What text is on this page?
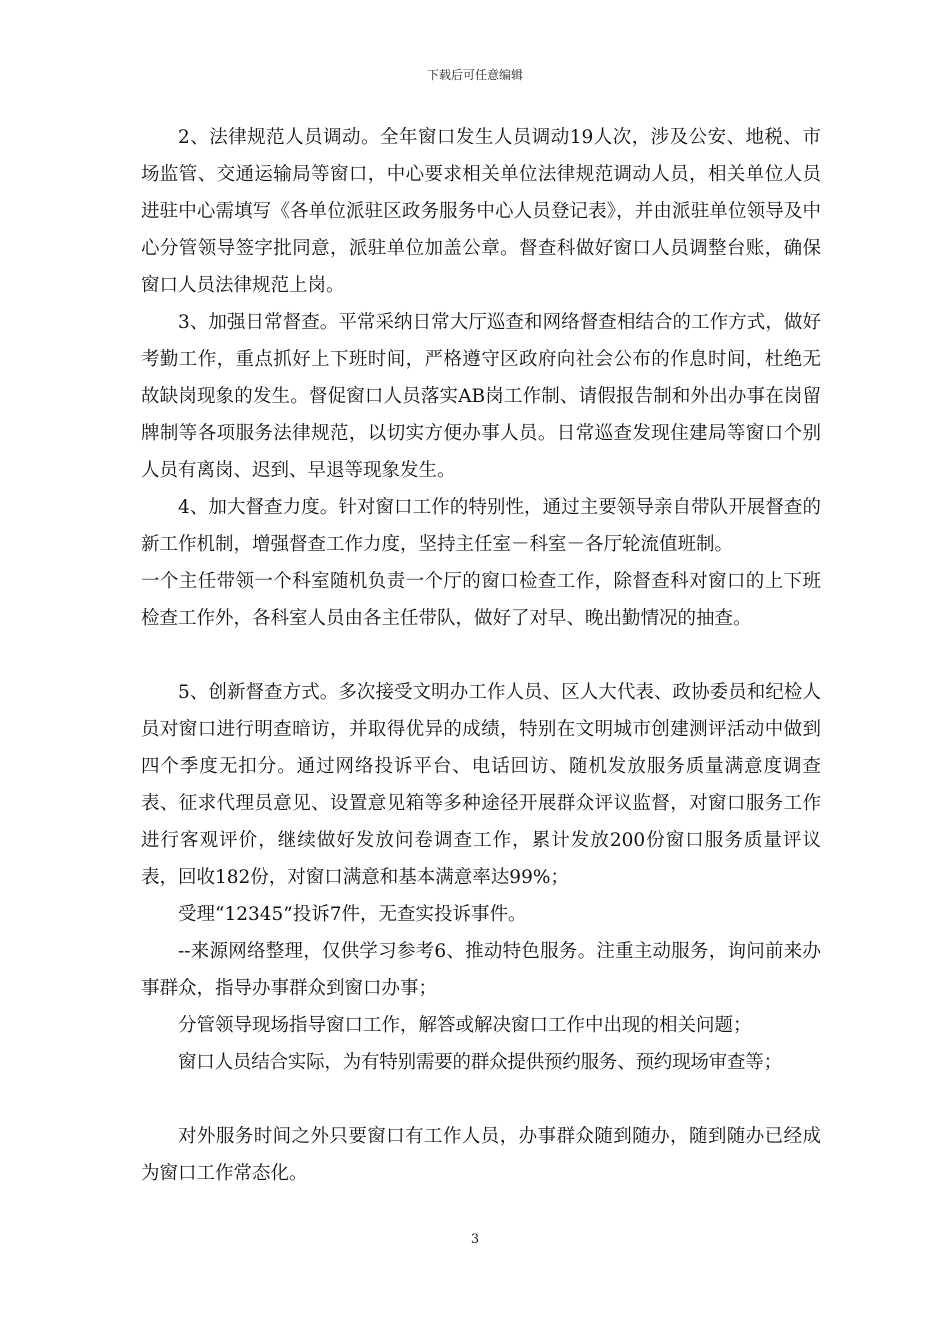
下载后可任意编辑

2、法律规范人员调动。全年窗口发生人员调动19人次，涉及公安、地税、市场监管、交通运输局等窗口，中心要求相关单位法律规范调动人员，相关单位人员进驻中心需填写《各单位派驻区政务服务中心人员登记表》，并由派驻单位领导及中心分管领导签字批同意，派驻单位加盖公章。督查科做好窗口人员调整台账，确保窗口人员法律规范上岗。

3、加强日常督查。平常采纳日常大厅巡查和网络督查相结合的工作方式，做好考勤工作，重点抓好上下班时间，严格遵守区政府向社会公布的作息时间，杜绝无故缺岗现象的发生。督促窗口人员落实AB岗工作制、请假报告制和外出办事在岗留牌制等各项服务法律规范，以切实方便办事人员。日常巡查发现住建局等窗口个别人员有离岗、迟到、早退等现象发生。

4、加大督查力度。针对窗口工作的特别性，通过主要领导亲自带队开展督查的新工作机制，增强督查工作力度，坚持主任室－科室－各厅轮流值班制。

一个主任带领一个科室随机负责一个厅的窗口检查工作，除督查科对窗口的上下班检查工作外，各科室人员由各主任带队，做好了对早、晚出勤情况的抽查。

5、创新督查方式。多次接受文明办工作人员、区人大代表、政协委员和纪检人员对窗口进行明查暗访，并取得优异的成绩，特别在文明城市创建测评活动中做到四个季度无扣分。通过网络投诉平台、电话回访、随机发放服务质量满意度调查表、征求代理员意见、设置意见箱等多种途径开展群众评议监督，对窗口服务工作进行客观评价，继续做好发放问卷调查工作，累计发放200份窗口服务质量评议表，回收182份，对窗口满意和基本满意率达99%；

受理“12345”投诉7件，无查实投诉事件。

--来源网络整理，仅供学习参考6、推动特色服务。注重主动服务，询问前来办事群众，指导办事群众到窗口办事；

分管领导现场指导窗口工作，解答或解决窗口工作中出现的相关问题；

窗口人员结合实际，为有特别需要的群众提供预约服务、预约现场审查等；

对外服务时间之外只要窗口有工作人员，办事群众随到随办，随到随办已经成为窗口工作常态化。

3
